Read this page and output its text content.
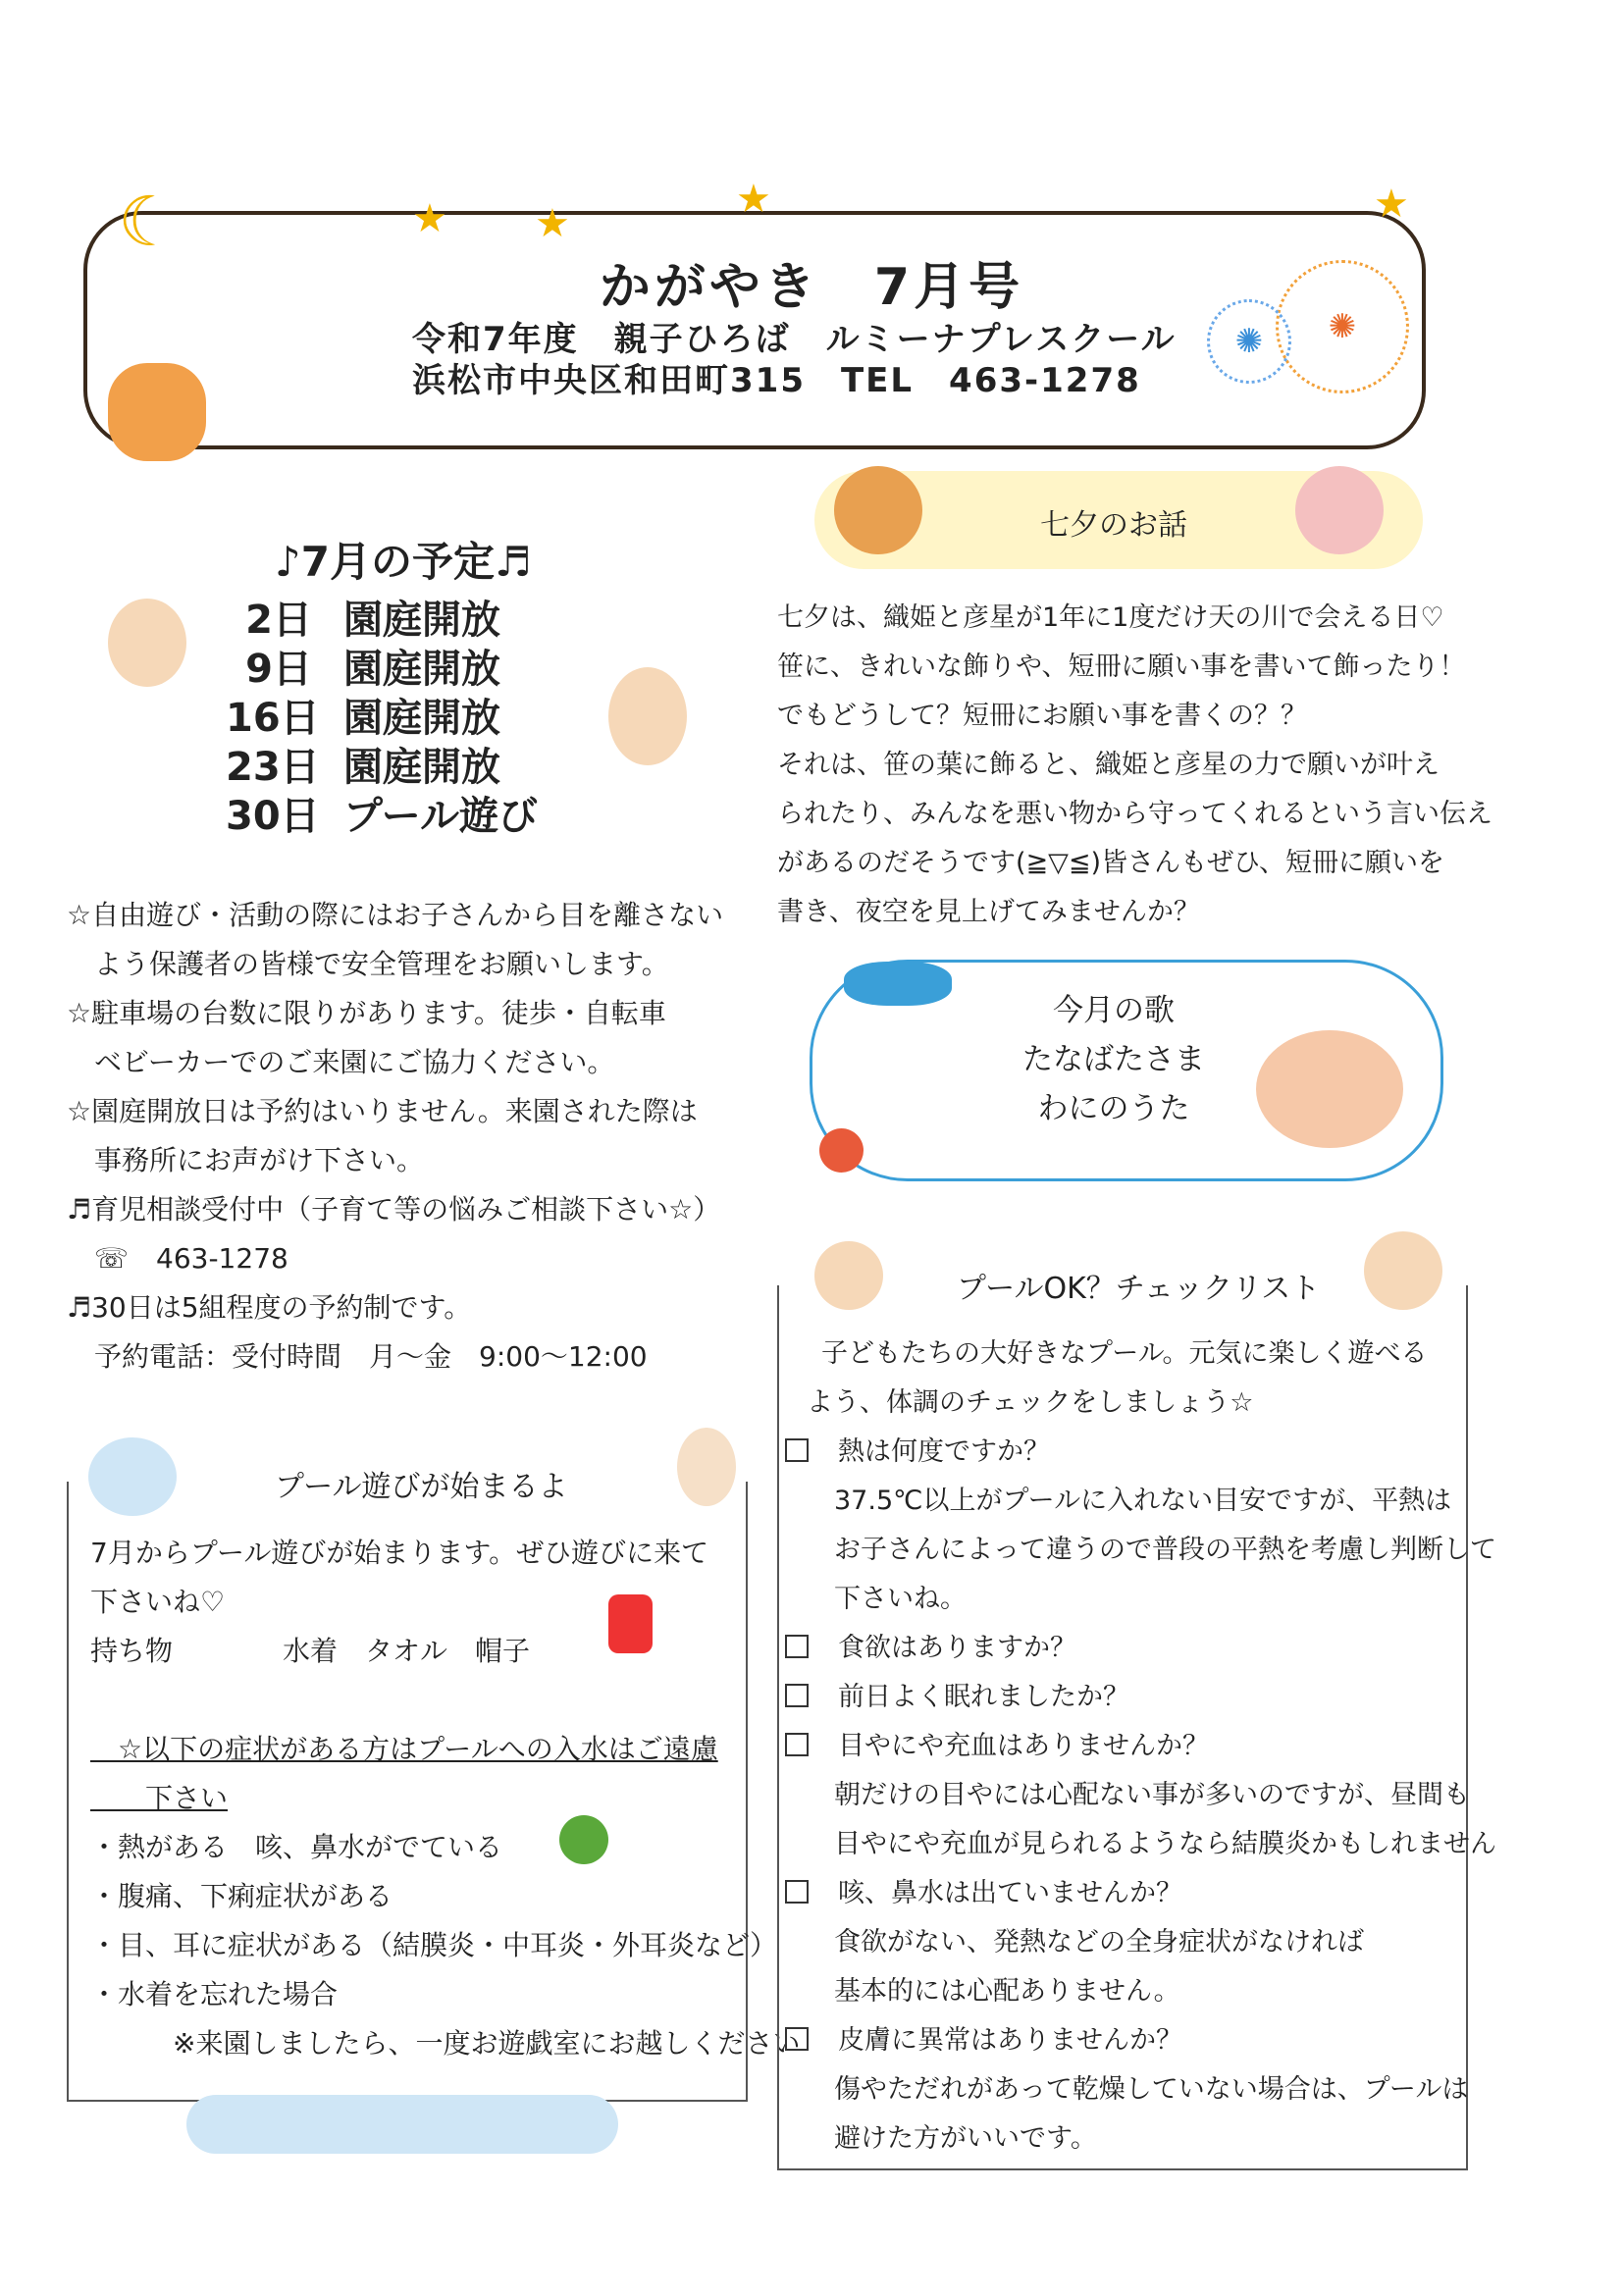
☾	★ ★
★	★
✺
✺
かがやき　7月号
令和7年度　親子ひろば　ルミーナプレスクール
浜松市中央区和田町315　TEL　463-1278
♪7月の予定♬
2日 園庭開放
9日 園庭開放
16日 園庭開放
23日 園庭開放
30日 プール遊び

☆自由遊び・活動の際にはお子さんから目を離さない

　よう保護者の皆様で安全管理をお願いします。

☆駐車場の台数に限りがあります。徒歩・自転車

　ベビーカーでのご来園にご協力ください。

☆園庭開放日は予約はいりません。来園された際は

　事務所にお声がけ下さい。

♬育児相談受付中（子育て等の悩みご相談下さい☆）

　☏　463-1278

♬30日は5組程度の予約制です。

　予約電話：受付時間　月～金　9:00～12:00

プール遊びが始まるよ

7月からプール遊びが始まります。ぜひ遊びに来て

下さいね♡

持ち物　　　　水着　タオル　帽子

　☆以下の症状がある方はプールへの入水はご遠慮

　　下さい

・熱がある　咳、鼻水がでている

・腹痛、下痢症状がある

・目、耳に症状がある（結膜炎・中耳炎・外耳炎など）

・水着を忘れた場合

　　　※来園しましたら、一度お遊戯室にお越しください

七夕のお話

七夕は、織姫と彦星が1年に1度だけ天の川で会える日♡

笹に、きれいな飾りや、短冊に願い事を書いて飾ったり！

でもどうして？短冊にお願い事を書くの？？

それは、笹の葉に飾ると、織姫と彦星の力で願いが叶え

られたり、みんなを悪い物から守ってくれるという言い伝え

があるのだそうです(≧▽≦)皆さんもぜひ、短冊に願いを

書き、夜空を見上げてみませんか？

今月の歌
たなばたさま
わにのうた
プールOK？チェックリスト

　子どもたちの大好きなプール。元気に楽しく遊べる

よう、体調のチェックをしましょう☆

熱は何度ですか？

37.5℃以上がプールに入れない目安ですが、平熱は

お子さんによって違うので普段の平熱を考慮し判断して

下さいね。

食欲はありますか？

前日よく眠れましたか？

目やにや充血はありませんか？

朝だけの目やには心配ない事が多いのですが、昼間も

目やにや充血が見られるようなら結膜炎かもしれません

咳、鼻水は出ていませんか？

食欲がない、発熱などの全身症状がなければ

基本的には心配ありません。

皮膚に異常はありませんか？

傷やただれがあって乾燥していない場合は、プールは

避けた方がいいです。
